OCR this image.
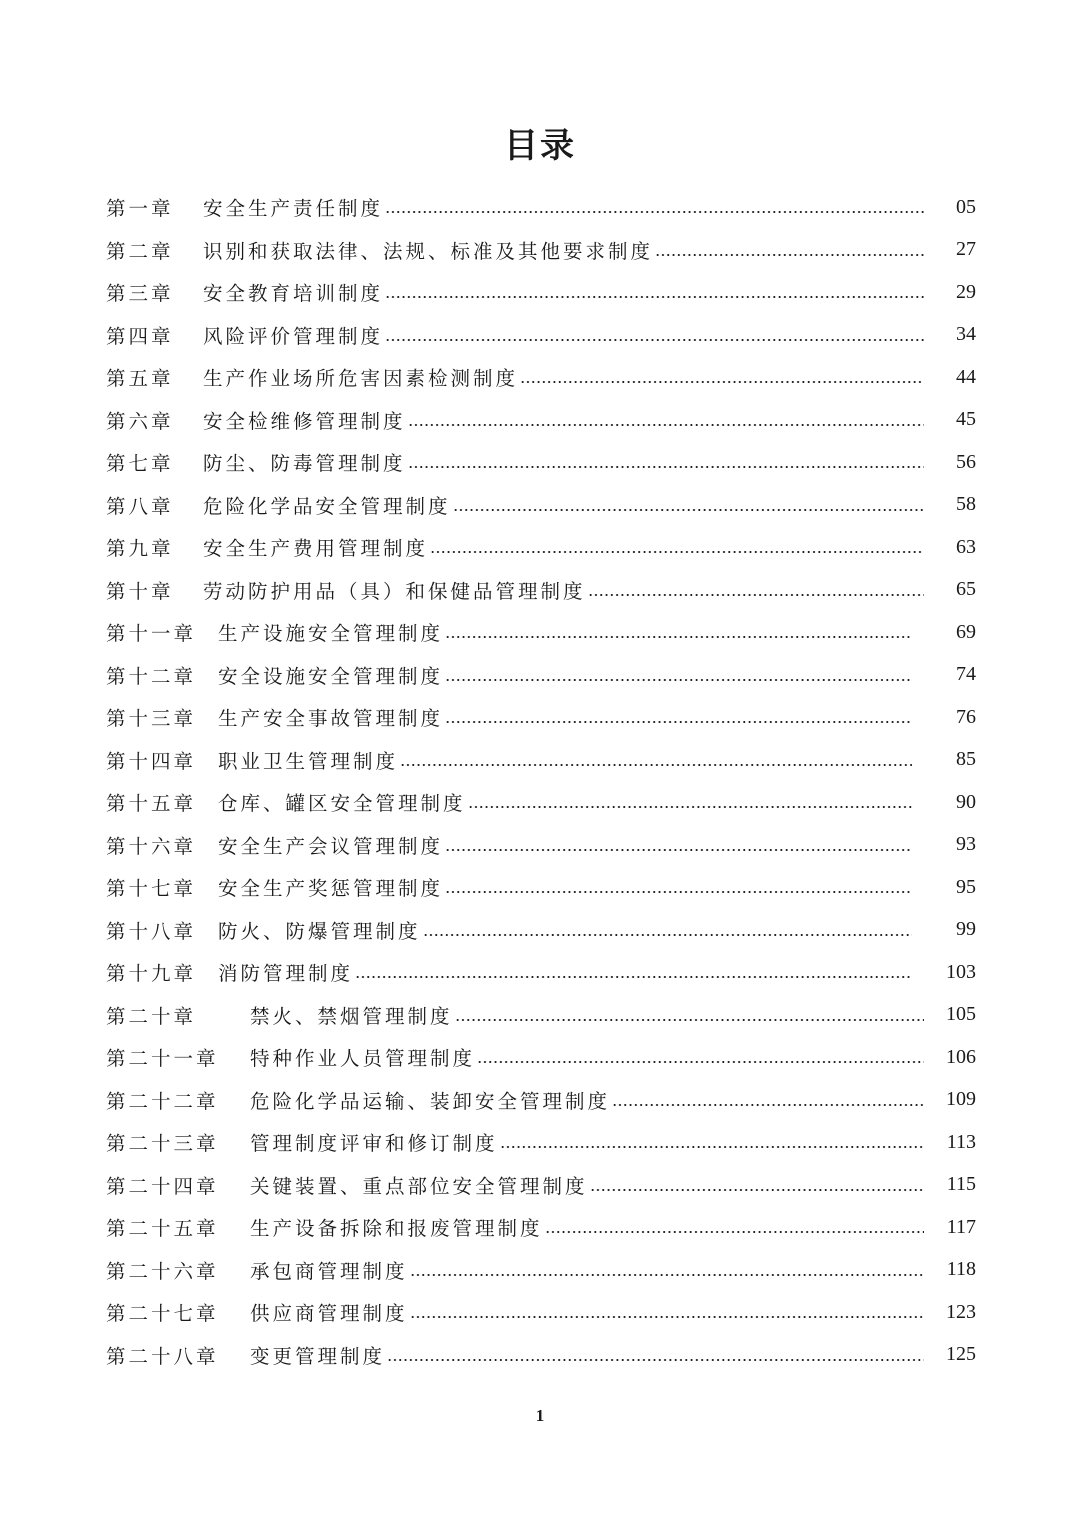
目录
第一章	安全生产责任制度	05
第二章	识别和获取法律、法规、标准及其他要求制度	27
第三章	安全教育培训制度	29
第四章	风险评价管理制度	34
第五章	生产作业场所危害因素检测制度	44
第六章	安全检维修管理制度	45
第七章	防尘、防毒管理制度	56
第八章	危险化学品安全管理制度	58
第九章	安全生产费用管理制度	63
第十章	劳动防护用品（具）和保健品管理制度	65
第十一章	生产设施安全管理制度	69
第十二章	安全设施安全管理制度	74
第十三章	生产安全事故管理制度	76
第十四章	职业卫生管理制度	85
第十五章	仓库、罐区安全管理制度	90
第十六章	安全生产会议管理制度	93
第十七章	安全生产奖惩管理制度	95
第十八章	防火、防爆管理制度	99
第十九章	消防管理制度	103
第二十章	禁火、禁烟管理制度	105
第二十一章	特种作业人员管理制度	106
第二十二章	危险化学品运输、装卸安全管理制度	109
第二十三章	管理制度评审和修订制度	113
第二十四章	关键装置、重点部位安全管理制度	115
第二十五章	生产设备拆除和报废管理制度	117
第二十六章	承包商管理制度	118
第二十七章	供应商管理制度	123
第二十八章	变更管理制度	125
1
